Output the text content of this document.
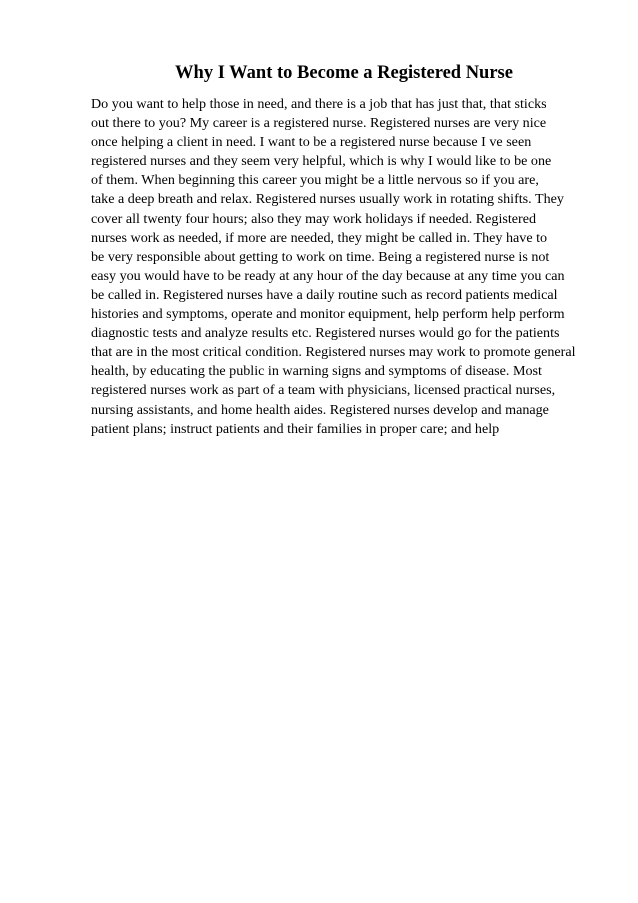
Why I Want to Become a Registered Nurse
Do you want to help those in need, and there is a job that has just that, that sticks
out there to you? My career is a registered nurse. Registered nurses are very nice
once helping a client in need. I want to be a registered nurse because I ve seen
registered nurses and they seem very helpful, which is why I would like to be one
of them. When beginning this career you might be a little nervous so if you are,
take a deep breath and relax. Registered nurses usually work in rotating shifts. They
cover all twenty four hours; also they may work holidays if needed. Registered
nurses work as needed, if more are needed, they might be called in. They have to
be very responsible about getting to work on time. Being a registered nurse is not
easy you would have to be ready at any hour of the day because at any time you can
be called in. Registered nurses have a daily routine such as record patients medical
histories and symptoms, operate and monitor equipment, help perform help perform
diagnostic tests and analyze results etc. Registered nurses would go for the patients
that are in the most critical condition. Registered nurses may work to promote general
health, by educating the public in warning signs and symptoms of disease. Most
registered nurses work as part of a team with physicians, licensed practical nurses,
nursing assistants, and home health aides. Registered nurses develop and manage
patient plans; instruct patients and their families in proper care; and help
